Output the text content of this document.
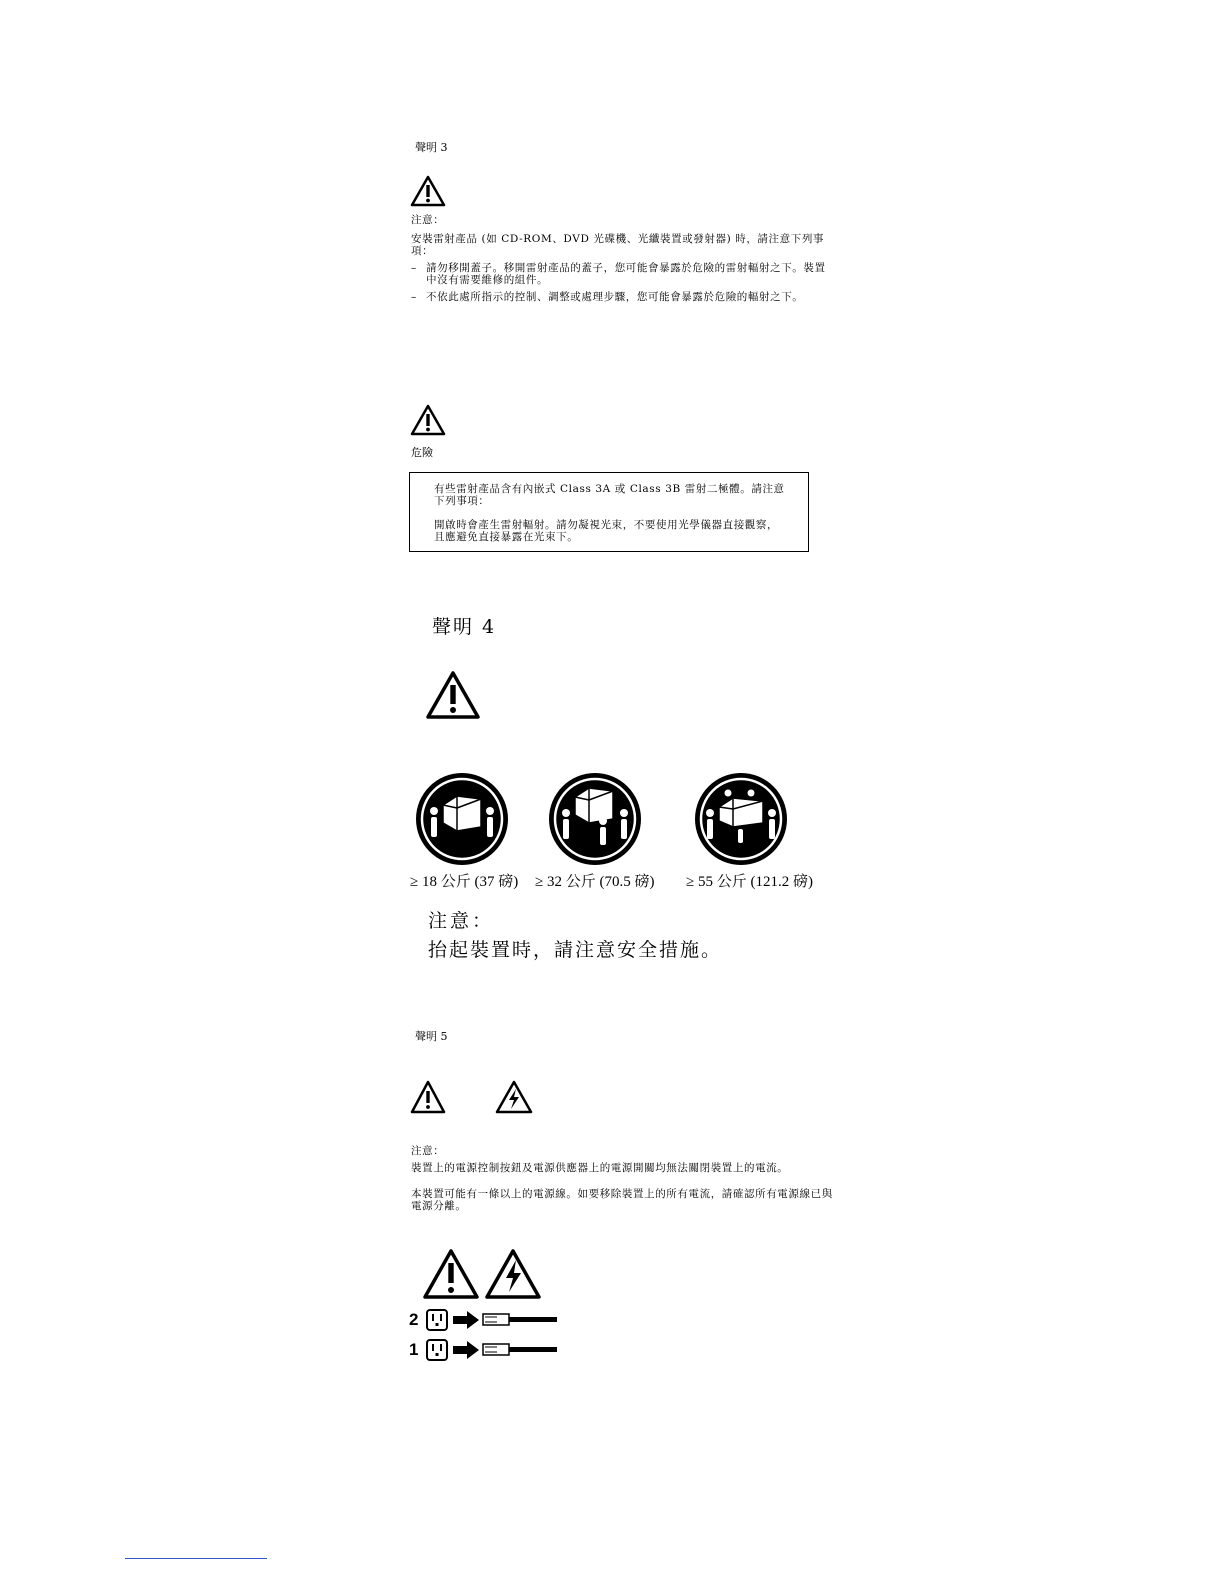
聲明 3
注意：
安裝雷射產品 (如 CD-ROM、DVD 光碟機、光纖裝置或發射器) 時，請注意下列事項：
– 請勿移開蓋子。移開雷射產品的蓋子，您可能會暴露於危險的雷射輻射之下。裝置中沒有需要維修的組件。
– 不依此處所指示的控制、調整或處理步驟，您可能會暴露於危險的輻射之下。
危險
有些雷射產品含有內嵌式 Class 3A 或 Class 3B 雷射二極體。請注意下列事項：
開啟時會產生雷射輻射。請勿凝視光束，不要使用光學儀器直接觀察，且應避免直接暴露在光束下。
聲明 4
≥ 18 公斤 (37 磅) ≥ 32 公斤 (70.5 磅) ≥ 55 公斤 (121.2 磅)
注意：
抬起裝置時，請注意安全措施。
聲明 5
注意：
裝置上的電源控制按鈕及電源供應器上的電源開關均無法關閉裝置上的電流。
本裝置可能有一條以上的電源線。如要移除裝置上的所有電流，請確認所有電源線已與電源分離。
2
1
